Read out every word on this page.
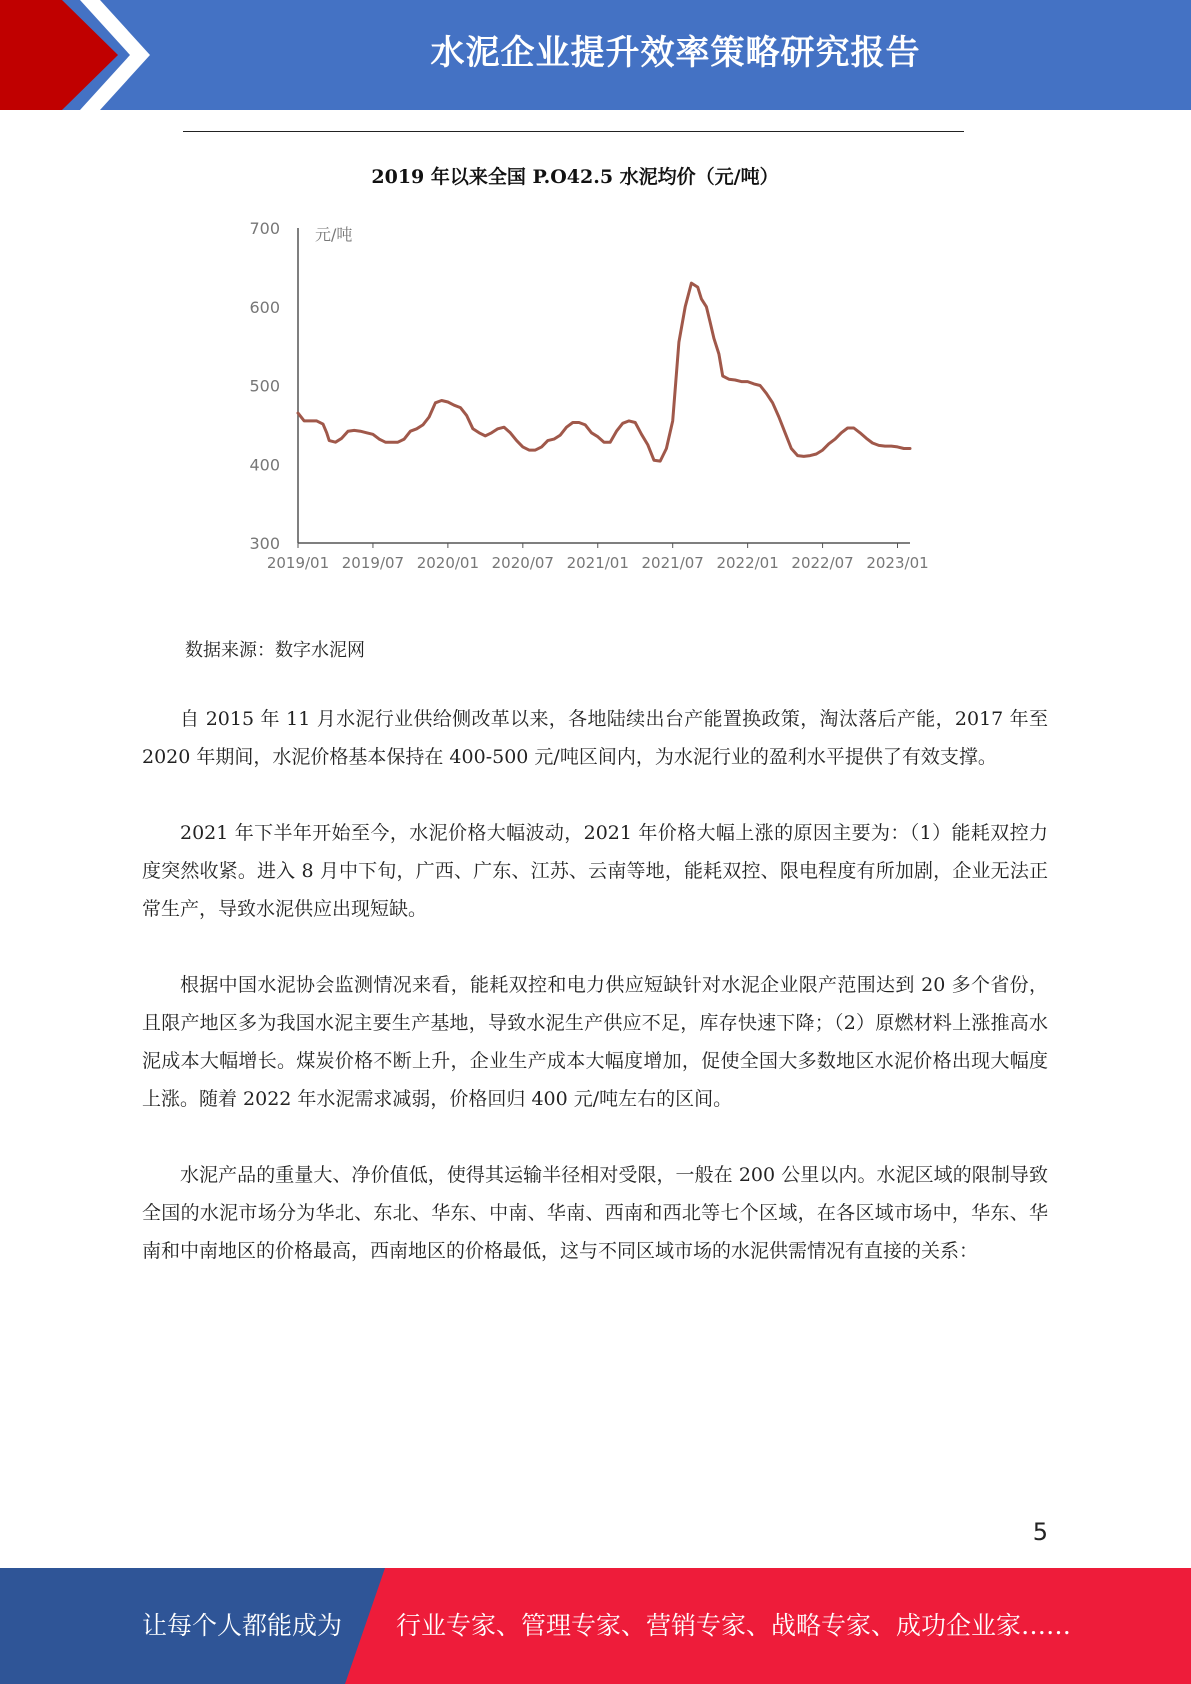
水泥企业提升效率策略研究报告
2019 年以来全国 P.O42.5 水泥均价（元/吨）
700
600
500
400
300
2019/01 2019/07 2020/01 2020/07 2021/01 2021/07 2022/01 2022/07 2023/01
元/吨
数据来源：数字水泥网

自 2015 年 11 月水泥行业供给侧改革以来，各地陆续出台产能置换政策，淘汰落后产能，2017 年至 2020 年期间，水泥价格基本保持在 400-500 元/吨区间内，为水泥行业的盈利水平提供了有效支撑。

2021 年下半年开始至今，水泥价格大幅波动，2021 年价格大幅上涨的原因主要为：（1）能耗双控力度突然收紧。进入 8 月中下旬，广西、广东、江苏、云南等地，能耗双控、限电程度有所加剧，企业无法正常生产，导致水泥供应出现短缺。

根据中国水泥协会监测情况来看，能耗双控和电力供应短缺针对水泥企业限产范围达到 20 多个省份，且限产地区多为我国水泥主要生产基地，导致水泥生产供应不足，库存快速下降；（2）原燃材料上涨推高水泥成本大幅增长。煤炭价格不断上升，企业生产成本大幅度增加，促使全国大多数地区水泥价格出现大幅度上涨。随着 2022 年水泥需求减弱，价格回归 400 元/吨左右的区间。

水泥产品的重量大、净价值低，使得其运输半径相对受限，一般在 200 公里以内。水泥区域的限制导致全国的水泥市场分为华北、东北、华东、中南、华南、西南和西北等七个区域，在各区域市场中，华东、华南和中南地区的价格最高，西南地区的价格最低，这与不同区域市场的水泥供需情况有直接的关系：

5
让每个人都能成为 行业专家、管理专家、营销专家、战略专家、成功企业家……
